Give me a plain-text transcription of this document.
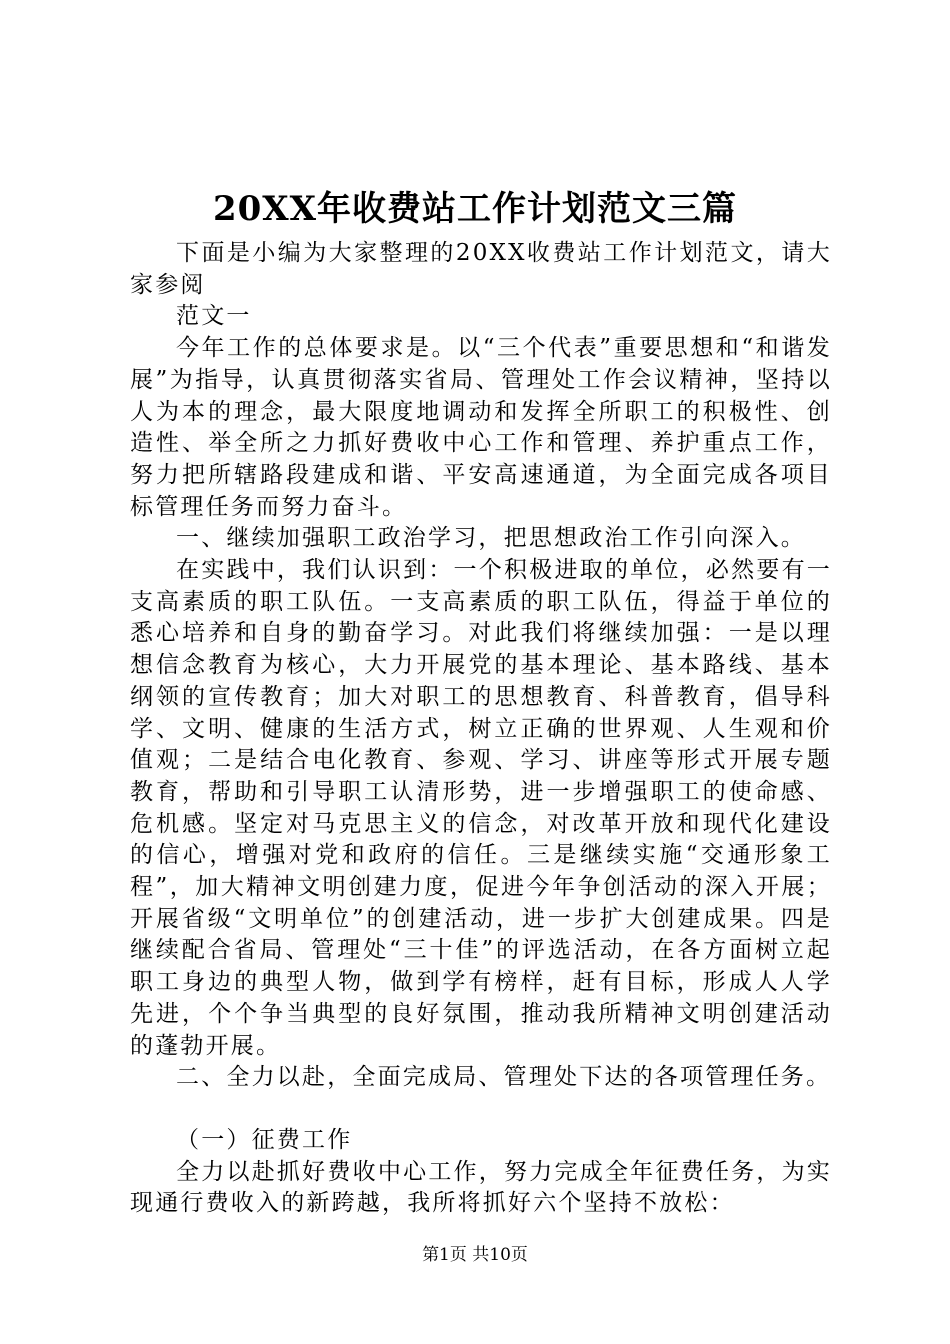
20XX年收费站工作计划范文三篇

下面是小编为大家整理的20XX收费站工作计划范文，请大家参阅

范文一

今年工作的总体要求是。以“三个代表”重要思想和“和谐发展”为指导，认真贯彻落实省局、管理处工作会议精神，坚持以人为本的理念，最大限度地调动和发挥全所职工的积极性、创造性、举全所之力抓好费收中心工作和管理、养护重点工作，努力把所辖路段建成和谐、平安高速通道，为全面完成各项目标管理任务而努力奋斗。

一、继续加强职工政治学习，把思想政治工作引向深入。

在实践中，我们认识到：一个积极进取的单位，必然要有一支高素质的职工队伍。一支高素质的职工队伍，得益于单位的悉心培养和自身的勤奋学习。对此我们将继续加强：一是以理想信念教育为核心，大力开展党的基本理论、基本路线、基本纲领的宣传教育；加大对职工的思想教育、科普教育，倡导科学、文明、健康的生活方式，树立正确的世界观、人生观和价值观；二是结合电化教育、参观、学习、讲座等形式开展专题教育，帮助和引导职工认清形势，进一步增强职工的使命感、危机感。坚定对马克思主义的信念，对改革开放和现代化建设的信心，增强对党和政府的信任。三是继续实施“交通形象工程”，加大精神文明创建力度，促进今年争创活动的深入开展；开展省级“文明单位”的创建活动，进一步扩大创建成果。四是继续配合省局、管理处“三十佳”的评选活动，在各方面树立起职工身边的典型人物，做到学有榜样，赶有目标，形成人人学先进，个个争当典型的良好氛围，推动我所精神文明创建活动的蓬勃开展。

二、全力以赴，全面完成局、管理处下达的各项管理任务。

（一）征费工作

全力以赴抓好费收中心工作，努力完成全年征费任务，为实现通行费收入的新跨越，我所将抓好六个坚持不放松：

第1页 共10页
